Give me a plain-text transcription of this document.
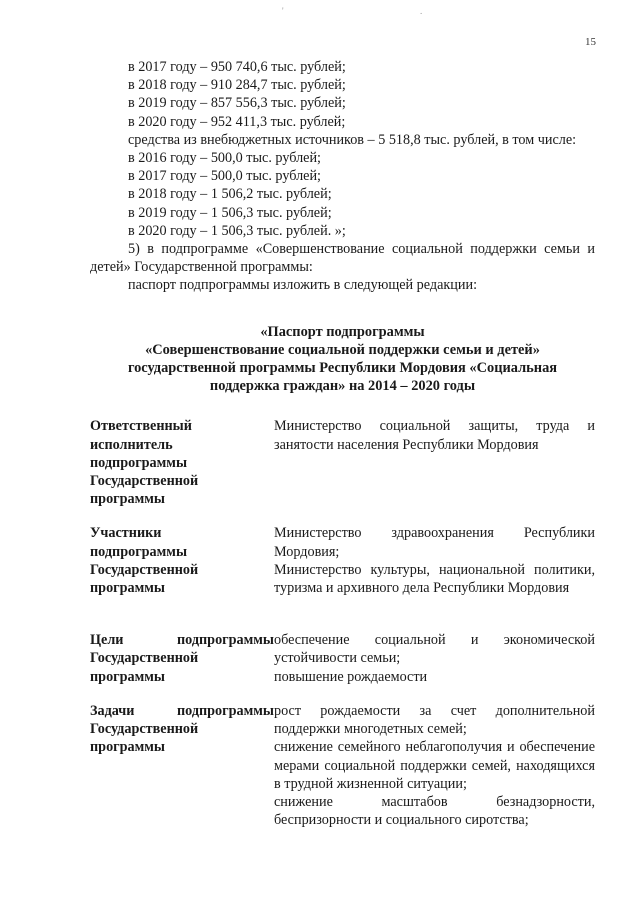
'	.
15

в 2017 году – 950 740,6 тыс. рублей;

в 2018 году – 910 284,7 тыс. рублей;

в 2019 году – 857 556,3 тыс. рублей;

в 2020 году – 952 411,3 тыс. рублей;

средства из внебюджетных источников – 5 518,8 тыс. рублей, в том числе:

в 2016 году – 500,0 тыс. рублей;

в 2017 году – 500,0 тыс. рублей;

в 2018 году – 1 506,2 тыс. рублей;

в 2019 году – 1 506,3 тыс. рублей;

в 2020 году – 1 506,3 тыс. рублей. »;

5) в подпрограмме «Совершенствование социальной поддержки семьи и детей» Государственной программы:

паспорт подпрограммы изложить в следующей редакции:

«Паспорт подпрограммы
«Совершенствование социальной поддержки семьи и детей»
государственной программы Республики Мордовия «Социальная
поддержка граждан» на 2014 – 2020 годы
Ответственный исполнитель подпрограммы Государственной программы	Министерство социальной защиты, труда и занятости населения Республики Мордовия

Участники подпрограммы Государственной программы	Министерство здравоохранения Республики Мордовия;
Министерство культуры, национальной политики, туризма и архивного дела Республики Мордовия

Цели подпрограммы Государственной программы	обеспечение социальной и экономической устойчивости семьи;
повышение рождаемости

Задачи подпрограммы Государственной программы	рост рождаемости за счет дополнительной поддержки многодетных семей;
снижение семейного неблагополучия и обеспечение мерами социальной поддержки семей, находящихся в трудной жизненной ситуации;
снижение масштабов безнадзорности, беспризорности и социального сиротства;
